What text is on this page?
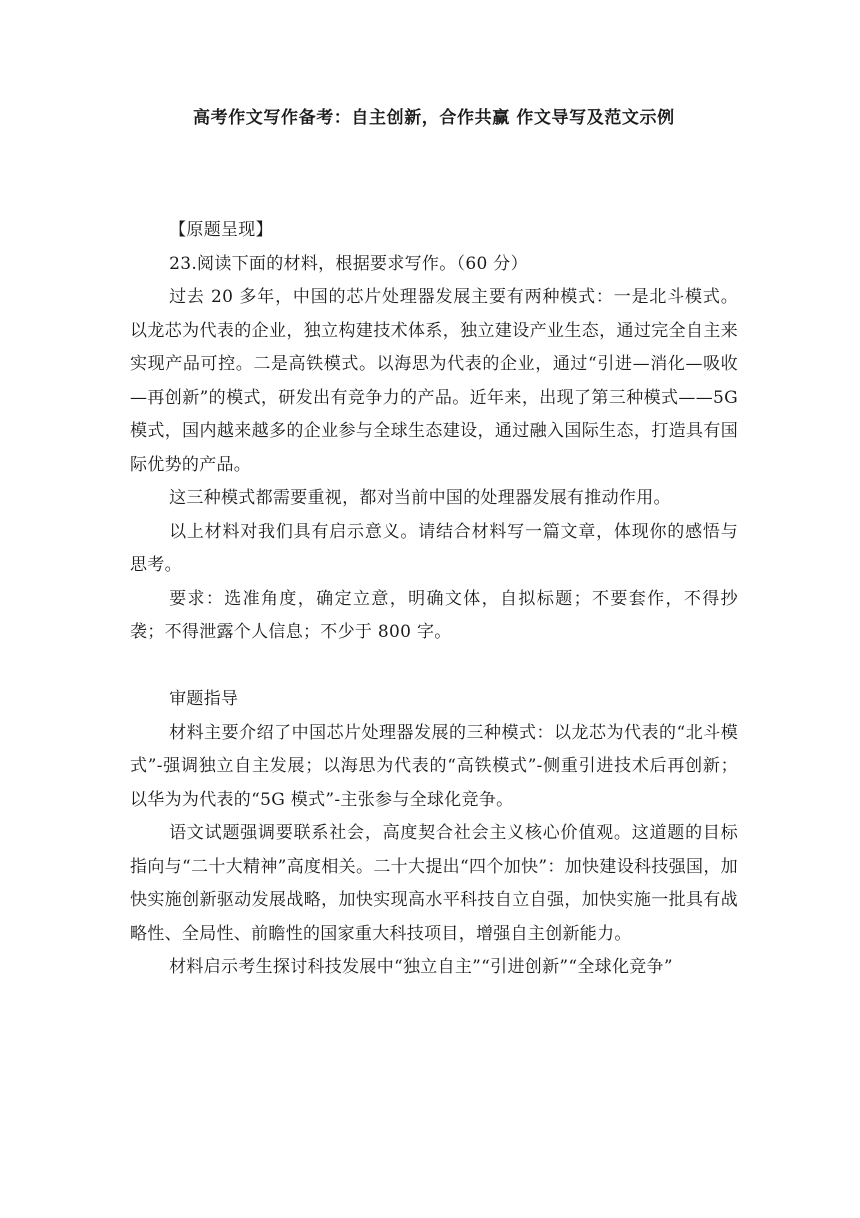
高考作文写作备考：自主创新，合作共赢 作文导写及范文示例

【原题呈现】

23.阅读下面的材料，根据要求写作。（60 分）

过去 20 多年，中国的芯片处理器发展主要有两种模式：一是北斗模式。以龙芯为代表的企业，独立构建技术体系，独立建设产业生态，通过完全自主来实现产品可控。二是高铁模式。以海思为代表的企业，通过“引进—消化—吸收—再创新”的模式，研发出有竞争力的产品。近年来，出现了第三种模式——5G 模式，国内越来越多的企业参与全球生态建设，通过融入国际生态，打造具有国际优势的产品。

这三种模式都需要重视，都对当前中国的处理器发展有推动作用。

以上材料对我们具有启示意义。请结合材料写一篇文章，体现你的感悟与思考。

要求：选准角度，确定立意，明确文体，自拟标题；不要套作，不得抄袭；不得泄露个人信息；不少于 800 字。

审题指导

材料主要介绍了中国芯片处理器发展的三种模式：以龙芯为代表的“北斗模式”-强调独立自主发展；以海思为代表的“高铁模式”-侧重引进技术后再创新；以华为为代表的“5G 模式”-主张参与全球化竞争。

语文试题强调要联系社会，高度契合社会主义核心价值观。这道题的目标指向与“二十大精神”高度相关。二十大提出“四个加快”：加快建设科技强国，加快实施创新驱动发展战略，加快实现高水平科技自立自强，加快实施一批具有战略性、全局性、前瞻性的国家重大科技项目，增强自主创新能力。

材料启示考生探讨科技发展中“独立自主”“引进创新”“全球化竞争”
